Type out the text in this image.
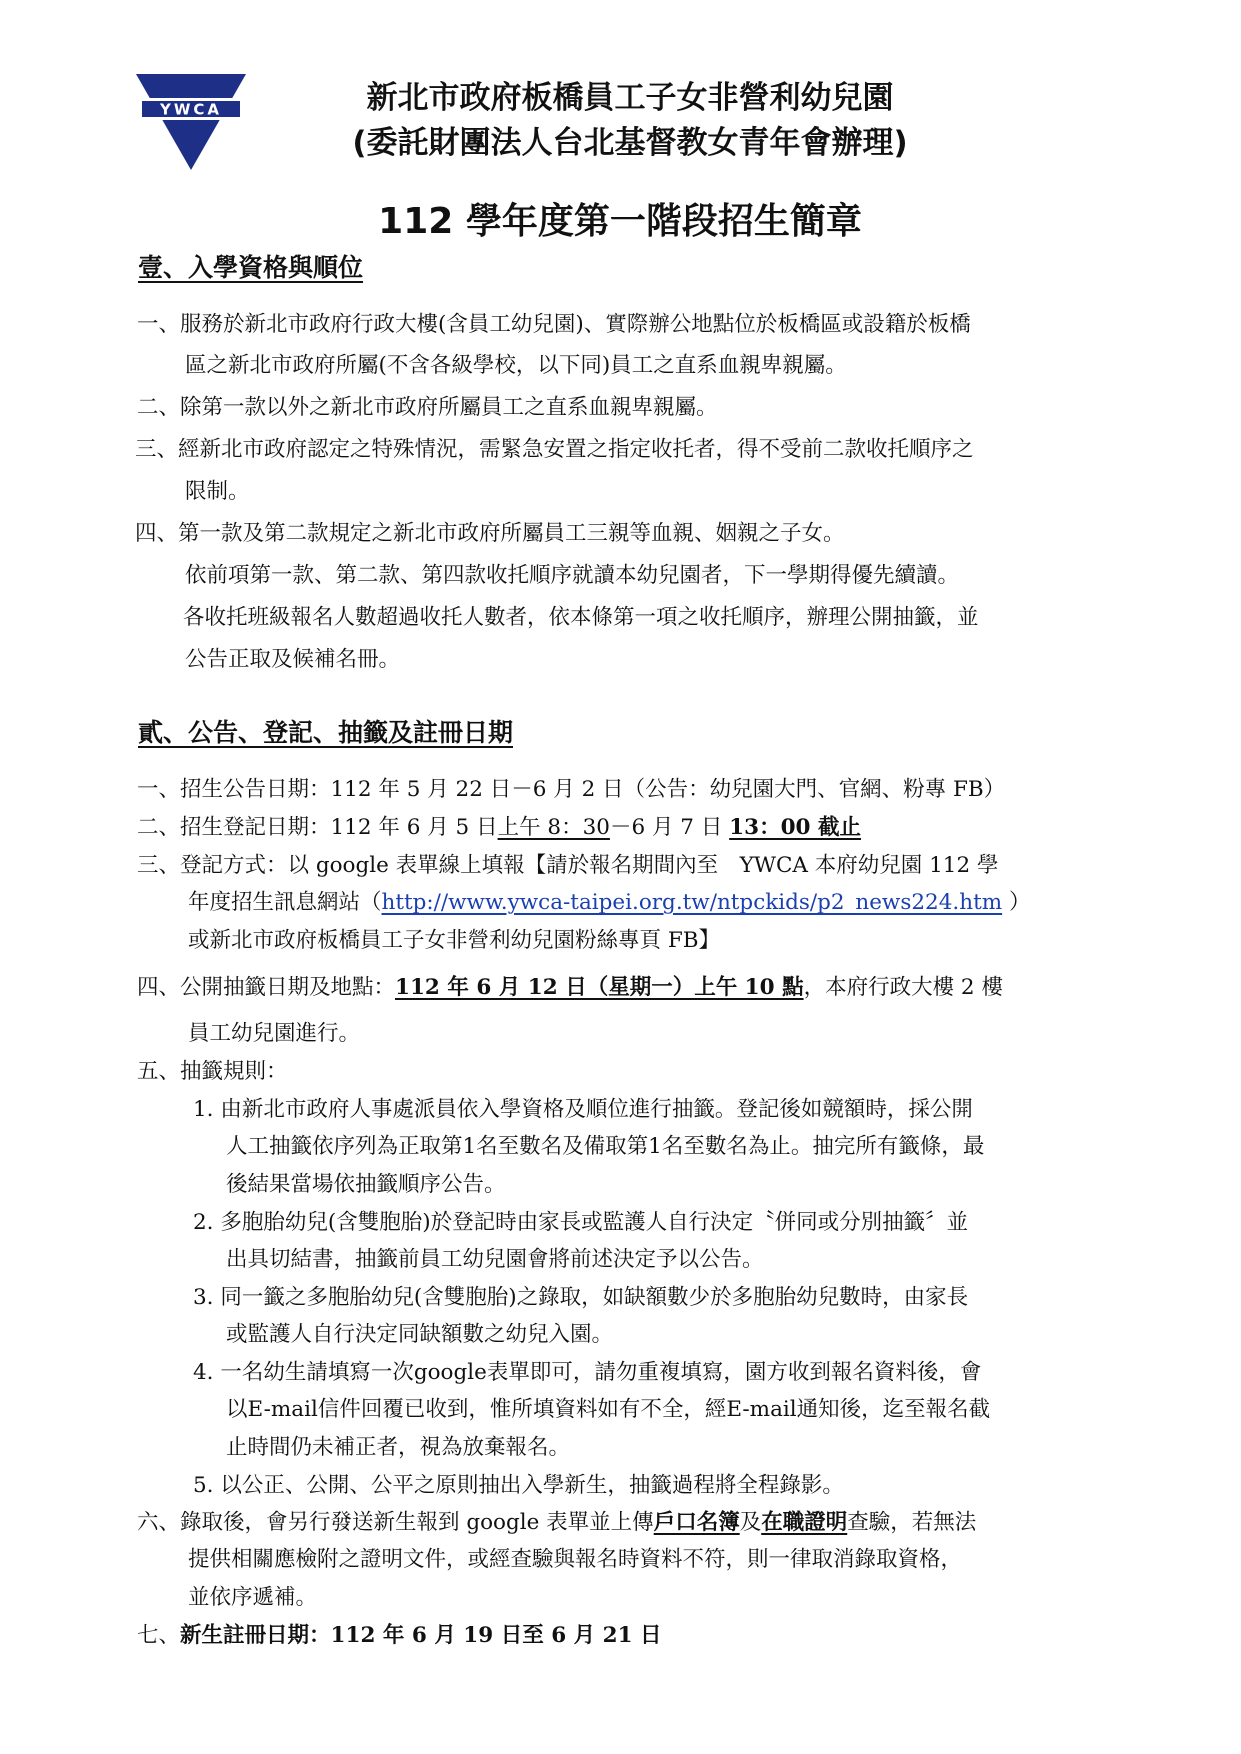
YWCA	新北市政府板橋員工子女非營利幼兒園
(委託財團法人台北基督教女青年會辦理)
112 學年度第一階段招生簡章
壹、入學資格與順位
一、服務於新北市政府行政大樓(含員工幼兒園)、實際辦公地點位於板橋區或設籍於板橋
區之新北市政府所屬(不含各級學校，以下同)員工之直系血親卑親屬。
二、除第一款以外之新北市政府所屬員工之直系血親卑親屬。
三、經新北市政府認定之特殊情況，需緊急安置之指定收托者，得不受前二款收托順序之
限制。
四、第一款及第二款規定之新北市政府所屬員工三親等血親、姻親之子女。
依前項第一款、第二款、第四款收托順序就讀本幼兒園者，下一學期得優先續讀。
各收托班級報名人數超過收托人數者，依本條第一項之收托順序，辦理公開抽籤，並
公告正取及候補名冊。
貳、公告、登記、抽籤及註冊日期
一、招生公告日期：112 年 5 月 22 日－6 月 2 日（公告：幼兒園大門、官網、粉專 FB）
二、招生登記日期：112 年 6 月 5 日上午 8：30－6 月 7 日 13：00 截止
三、登記方式：以 google 表單線上填報【請於報名期間內至　YWCA 本府幼兒園 112 學
年度招生訊息網站（http://www.ywca-taipei.org.tw/ntpckids/p2_news224.htm ）
或新北市政府板橋員工子女非營利幼兒園粉絲專頁 FB】
四、公開抽籤日期及地點：112 年 6 月 12 日（星期一）上午 10 點，本府行政大樓 2 樓
員工幼兒園進行。
五、抽籤規則：
1. 由新北市政府人事處派員依入學資格及順位進行抽籤。登記後如競額時，採公開
人工抽籤依序列為正取第1名至數名及備取第1名至數名為止。抽完所有籤條，最
後結果當場依抽籤順序公告。
2. 多胞胎幼兒(含雙胞胎)於登記時由家長或監護人自行決定〝併同或分別抽籤〞並
出具切結書，抽籤前員工幼兒園會將前述決定予以公告。
3. 同一籤之多胞胎幼兒(含雙胞胎)之錄取，如缺額數少於多胞胎幼兒數時，由家長
或監護人自行決定同缺額數之幼兒入園。
4. 一名幼生請填寫一次google表單即可，請勿重複填寫，園方收到報名資料後，會
以E-mail信件回覆已收到，惟所填資料如有不全，經E-mail通知後，迄至報名截
止時間仍未補正者，視為放棄報名。
5. 以公正、公開、公平之原則抽出入學新生，抽籤過程將全程錄影。
六、錄取後，會另行發送新生報到 google 表單並上傳戶口名簿及在職證明查驗，若無法
提供相關應檢附之證明文件，或經查驗與報名時資料不符，則一律取消錄取資格，
並依序遞補。
七、新生註冊日期：112 年 6 月 19 日至 6 月 21 日
